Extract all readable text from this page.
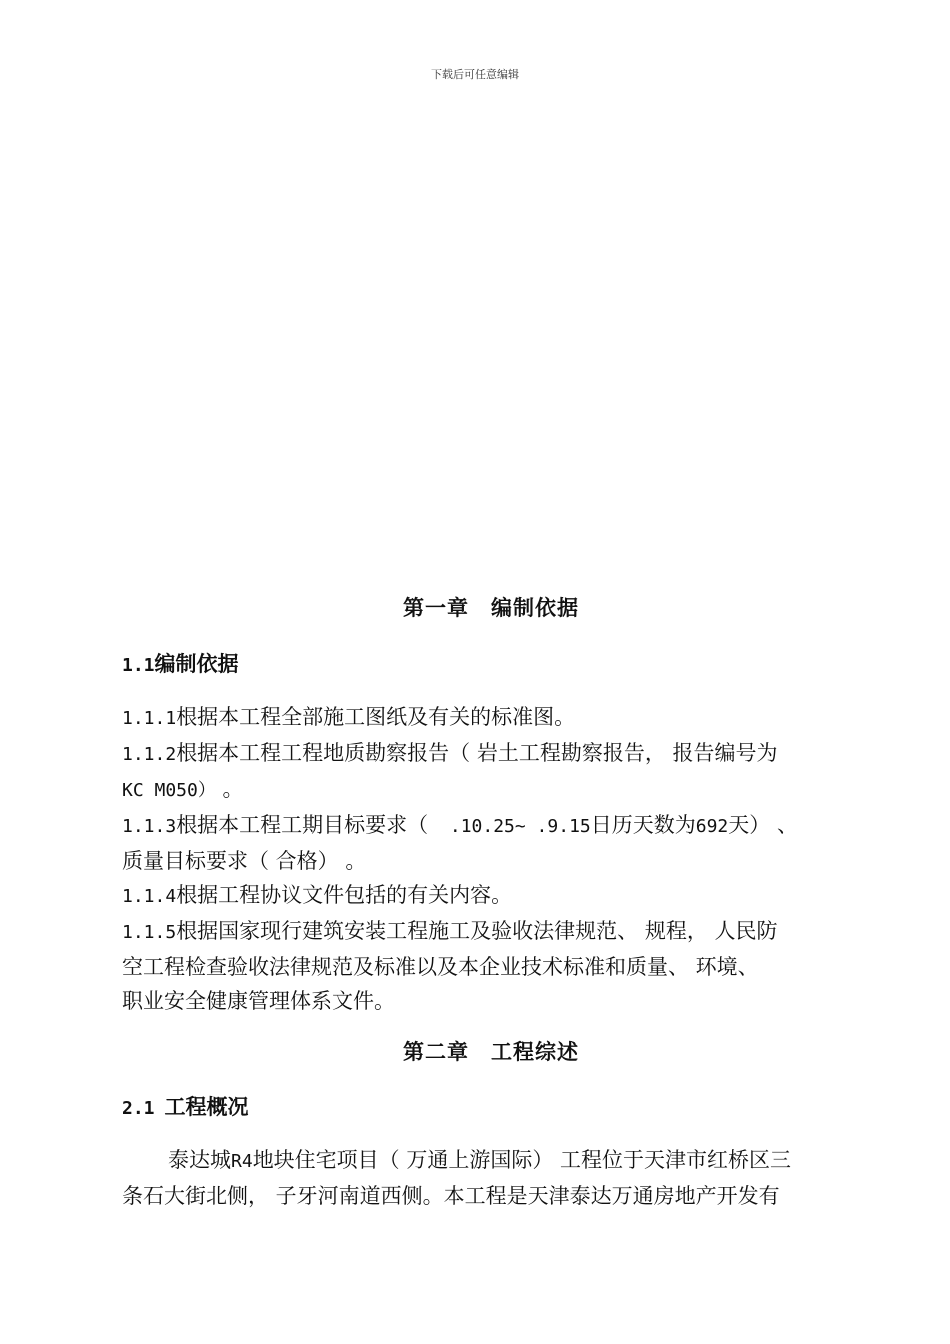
下载后可任意编辑
第一章 编制依据
1.1编制依据

1.1.1根据本工程全部施工图纸及有关的标准图。

1.1.2根据本工程工程地质勘察报告（ 岩土工程勘察报告， 报告编号为
KC M050） 。

1.1.3根据本工程工期目标要求（  .10.25~ .9.15日历天数为692天） 、
质量目标要求（ 合格） 。

1.1.4根据工程协议文件包括的有关内容。

1.1.5根据国家现行建筑安装工程施工及验收法律规范、 规程， 人民防
空工程检查验收法律规范及标准以及本企业技术标准和质量、 环境、
职业安全健康管理体系文件。

第二章 工程综述
2.1 工程概况

泰达城R4地块住宅项目（ 万通上游国际） 工程位于天津市红桥区三

条石大街北侧， 子牙河南道西侧。本工程是天津泰达万通房地产开发有
